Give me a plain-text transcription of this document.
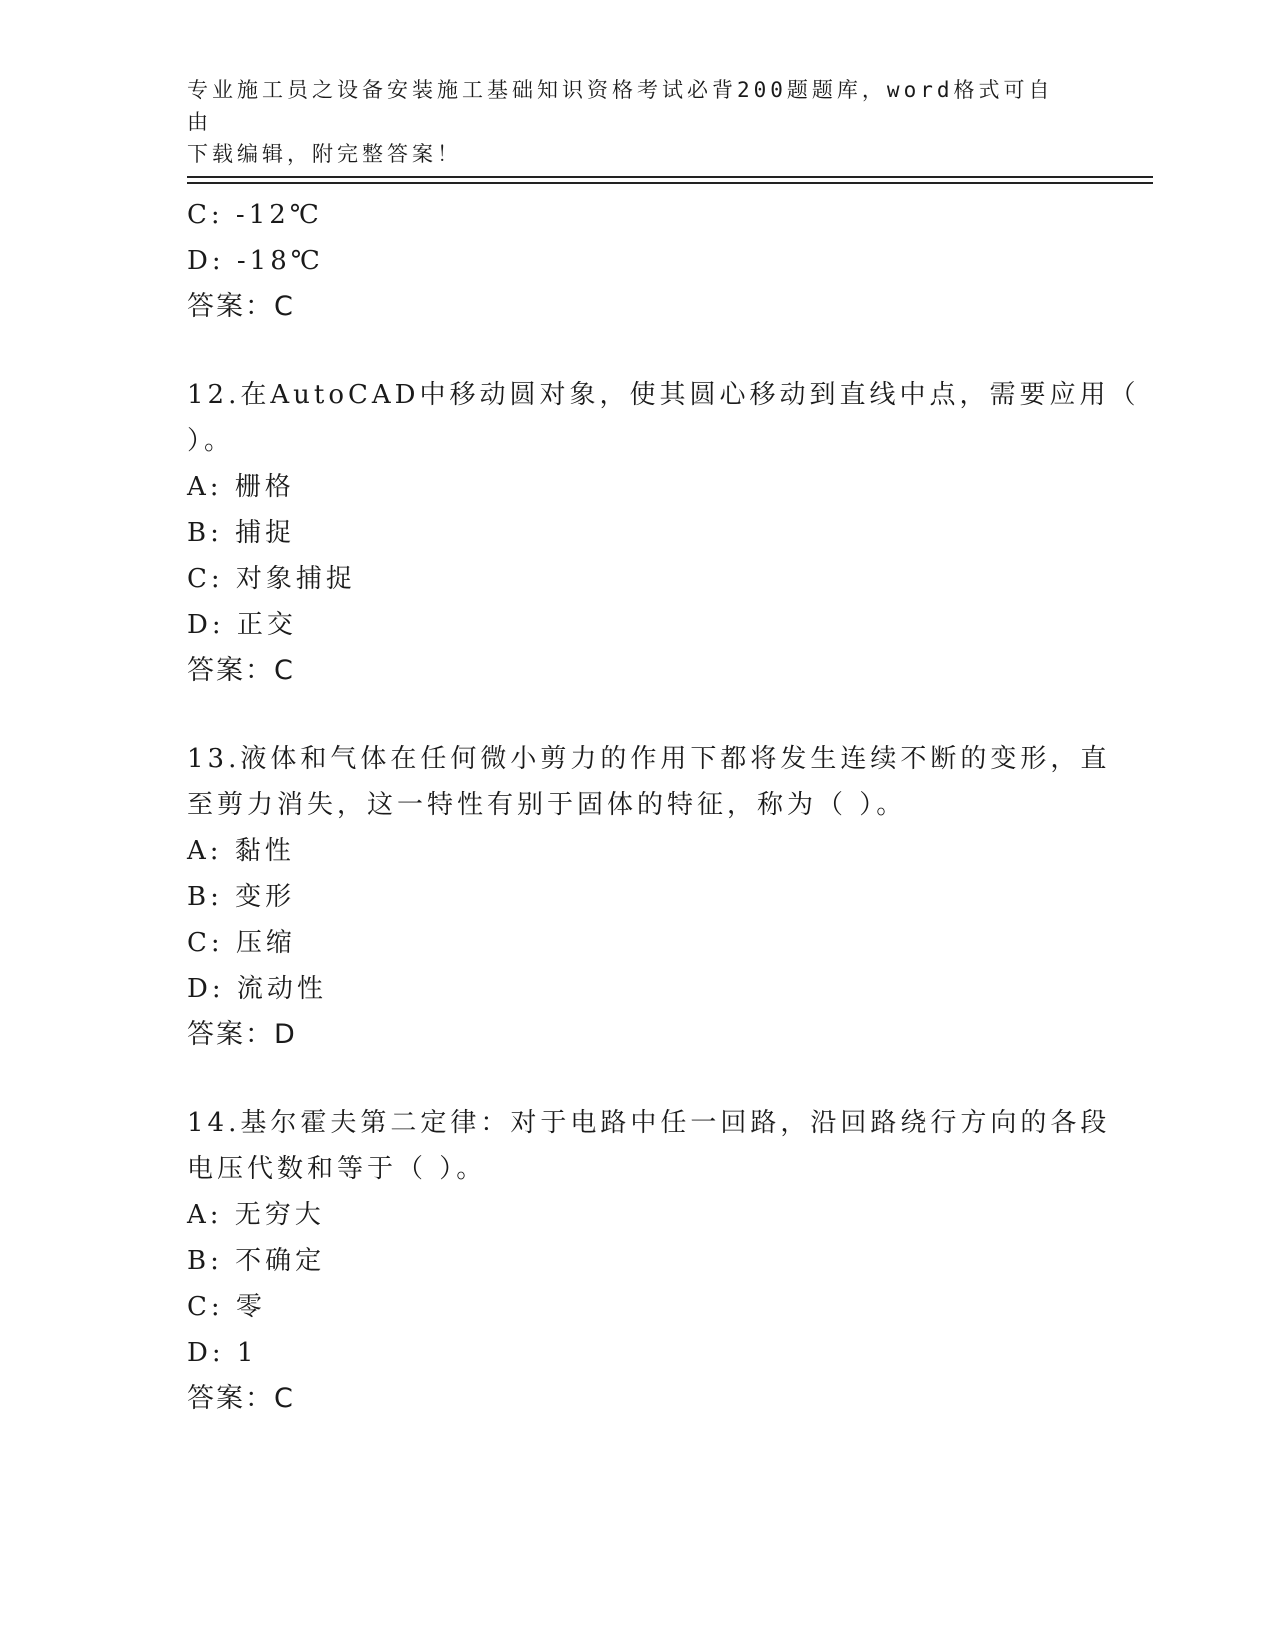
专业施工员之设备安装施工基础知识资格考试必背200题题库，word格式可自由
下载编辑，附完整答案！
C: -12℃
D: -18℃
答案：C
12.在AutoCAD中移动圆对象，使其圆心移动到直线中点，需要应用（
）。
A: 栅格
B: 捕捉
C: 对象捕捉
D: 正交
答案：C
13.液体和气体在任何微小剪力的作用下都将发生连续不断的变形，直
至剪力消失，这一特性有别于固体的特征，称为（ ）。
A: 黏性
B: 变形
C: 压缩
D: 流动性
答案：D
14.基尔霍夫第二定律：对于电路中任一回路，沿回路绕行方向的各段
电压代数和等于（ ）。
A: 无穷大
B: 不确定
C: 零
D: 1
答案：C
